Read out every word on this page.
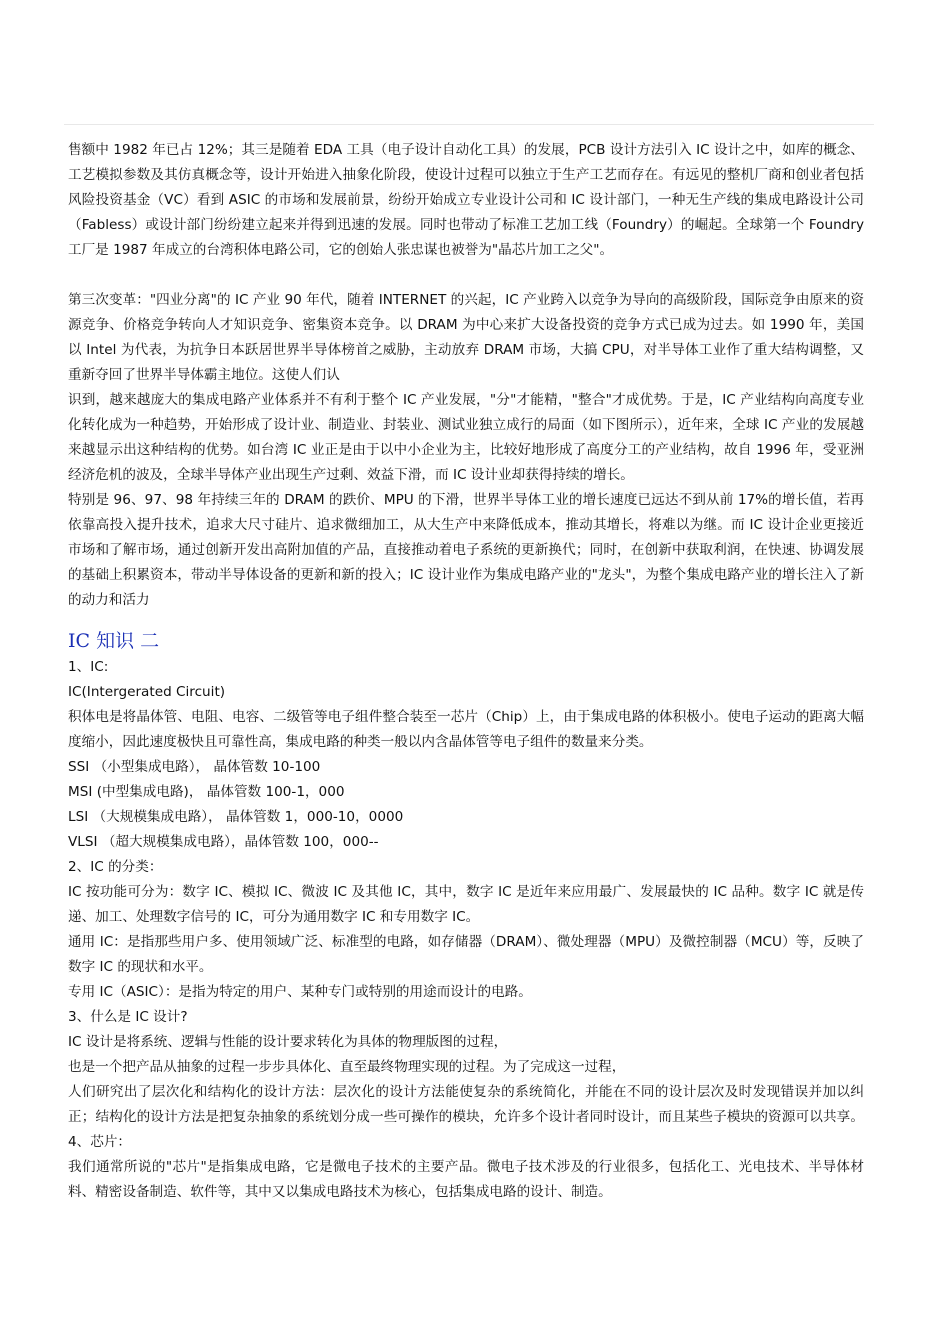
售额中 1982 年已占 12%；其三是随着 EDA 工具（电子设计自动化工具）的发展，PCB 设计方法引入 IC 设计之中，如库的概念、工艺模拟参数及其仿真概念等，设计开始进入抽象化阶段，使设计过程可以独立于生产工艺而存在。有远见的整机厂商和创业者包括风险投资基金（VC）看到 ASIC 的市场和发展前景，纷纷开始成立专业设计公司和 IC 设计部门，一种无生产线的集成电路设计公司（Fabless）或设计部门纷纷建立起来并得到迅速的发展。同时也带动了标准工艺加工线（Foundry）的崛起。全球第一个 Foundry 工厂是 1987 年成立的台湾积体电路公司，它的创始人张忠谋也被誉为"晶芯片加工之父"。

第三次变革："四业分离"的 IC 产业 90 年代，随着 INTERNET 的兴起，IC 产业跨入以竞争为导向的高级阶段，国际竞争由原来的资源竞争、价格竞争转向人才知识竞争、密集资本竞争。以 DRAM 为中心来扩大设备投资的竞争方式已成为过去。如 1990 年，美国以 Intel 为代表，为抗争日本跃居世界半导体榜首之威胁，主动放弃 DRAM 市场，大搞 CPU，对半导体工业作了重大结构调整，又重新夺回了世界半导体霸主地位。这使人们认

识到，越来越庞大的集成电路产业体系并不有利于整个 IC 产业发展，"分"才能精，"整合"才成优势。于是，IC 产业结构向高度专业化转化成为一种趋势，开始形成了设计业、制造业、封装业、测试业独立成行的局面（如下图所示），近年来，全球 IC 产业的发展越来越显示出这种结构的优势。如台湾 IC 业正是由于以中小企业为主，比较好地形成了高度分工的产业结构，故自 1996 年，受亚洲经济危机的波及，全球半导体产业出现生产过剩、效益下滑，而 IC 设计业却获得持续的增长。

特别是 96、97、98 年持续三年的 DRAM 的跌价、MPU 的下滑，世界半导体工业的增长速度已远达不到从前 17%的增长值，若再依靠高投入提升技术，追求大尺寸硅片、追求微细加工，从大生产中来降低成本，推动其增长，将难以为继。而 IC 设计企业更接近市场和了解市场，通过创新开发出高附加值的产品，直接推动着电子系统的更新换代；同时，在创新中获取利润，在快速、协调发展的基础上积累资本，带动半导体设备的更新和新的投入；IC 设计业作为集成电路产业的"龙头"，为整个集成电路产业的增长注入了新的动力和活力

IC 知识 二

1、IC:

IC(Intergerated Circuit)

积体电是将晶体管、电阻、电容、二级管等电子组件整合装至一芯片（Chip）上，由于集成电路的体积极小。使电子运动的距离大幅度缩小，因此速度极快且可靠性高，集成电路的种类一般以内含晶体管等电子组件的数量来分类。

SSI （小型集成电路）， 晶体管数 10-100

MSI (中型集成电路)， 晶体管数 100-1，000

LSI （大规模集成电路）， 晶体管数 1，000-10，0000

VLSI （超大规模集成电路），晶体管数 100，000--

2、IC 的分类：

IC 按功能可分为：数字 IC、模拟 IC、微波 IC 及其他 IC，其中，数字 IC 是近年来应用最广、发展最快的 IC 品种。数字 IC 就是传递、加工、处理数字信号的 IC，可分为通用数字 IC 和专用数字 IC。

通用 IC：是指那些用户多、使用领域广泛、标准型的电路，如存储器（DRAM）、微处理器（MPU）及微控制器（MCU）等，反映了数字 IC 的现状和水平。

专用 IC（ASIC）：是指为特定的用户、某种专门或特别的用途而设计的电路。

3、什么是 IC 设计?

IC 设计是将系统、逻辑与性能的设计要求转化为具体的物理版图的过程，

也是一个把产品从抽象的过程一步步具体化、直至最终物理实现的过程。为了完成这一过程，

人们研究出了层次化和结构化的设计方法：层次化的设计方法能使复杂的系统简化，并能在不同的设计层次及时发现错误并加以纠正；结构化的设计方法是把复杂抽象的系统划分成一些可操作的模块，允许多个设计者同时设计，而且某些子模块的资源可以共享。4、芯片：

我们通常所说的"芯片"是指集成电路，它是微电子技术的主要产品。微电子技术涉及的行业很多，包括化工、光电技术、半导体材料、精密设备制造、软件等，其中又以集成电路技术为核心，包括集成电路的设计、制造。
